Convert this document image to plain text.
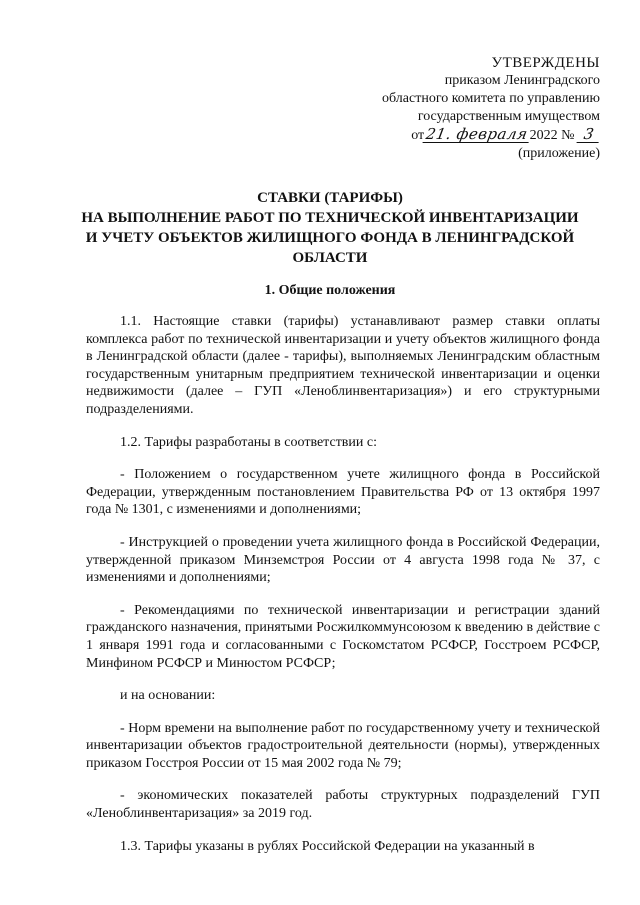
УТВЕРЖДЕНЫ
приказом Ленинградского
областного комитета по управлению
государственным имуществом
от21. февраля2022 № 3
(приложение)
СТАВКИ (ТАРИФЫ)
НА ВЫПОЛНЕНИЕ РАБОТ ПО ТЕХНИЧЕСКОЙ ИНВЕНТАРИЗАЦИИ
И УЧЕТУ ОБЪЕКТОВ ЖИЛИЩНОГО ФОНДА В ЛЕНИНГРАДСКОЙ
ОБЛАСТИ
1. Общие положения

1.1. Настоящие ставки (тарифы) устанавливают размер ставки оплаты комплекса работ по технической инвентаризации и учету объектов жилищного фонда в Ленинградской области (далее - тарифы), выполняемых Ленинградским областным государственным унитарным предприятием технической инвентаризации и оценки недвижимости (далее – ГУП «Леноблинвентаризация») и его структурными подразделениями.

1.2. Тарифы разработаны в соответствии с:

- Положением о государственном учете жилищного фонда в Российской Федерации, утвержденным постановлением Правительства РФ от 13 октября 1997 года № 1301, с изменениями и дополнениями;

- Инструкцией о проведении учета жилищного фонда в Российской Федерации, утвержденной приказом Минземстроя России от 4 августа 1998 года № 37, с изменениями и дополнениями;

- Рекомендациями по технической инвентаризации и регистрации зданий гражданского назначения, принятыми Росжилкоммунсоюзом к введению в действие с 1 января 1991 года и согласованными с Госкомстатом РСФСР, Госстроем РСФСР, Минфином РСФСР и Минюстом РСФСР;

и на основании:

- Норм времени на выполнение работ по государственному учету и технической инвентаризации объектов градостроительной деятельности (нормы), утвержденных приказом Госстроя России от 15 мая 2002 года № 79;

- экономических показателей работы структурных подразделений ГУП «Леноблинвентаризация» за 2019 год.

1.3. Тарифы указаны в рублях Российской Федерации на указанный в
